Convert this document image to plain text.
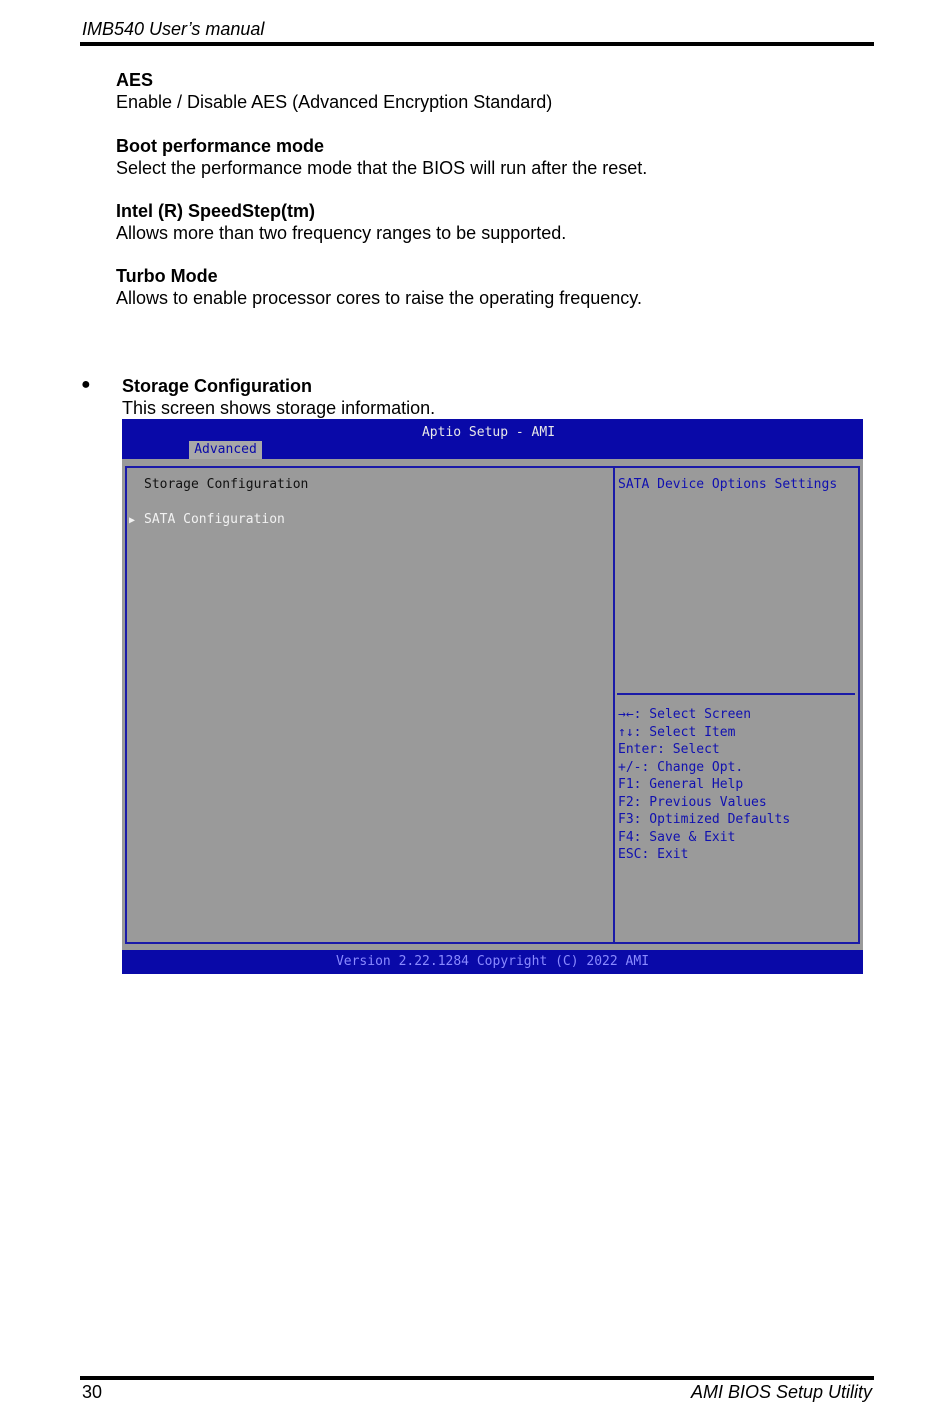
IMB540 User’s manual
AES
Enable / Disable AES (Advanced Encryption Standard)
Boot performance mode
Select the performance mode that the BIOS will run after the reset.
Intel (R) SpeedStep(tm)
Allows more than two frequency ranges to be supported.
Turbo Mode
Allows to enable processor cores to raise the operating frequency.
● Storage Configuration
This screen shows storage information.
Aptio Setup - AMI
Advanced
Storage Configuration
▶ SATA Configuration
SATA Device Options Settings
→←: Select Screen
↑↓: Select Item
Enter: Select
+/-: Change Opt.
F1: General Help
F2: Previous Values
F3: Optimized Defaults
F4: Save & Exit
ESC: Exit
Version 2.22.1284 Copyright (C) 2022 AMI
30	AMI BIOS Setup Utility
